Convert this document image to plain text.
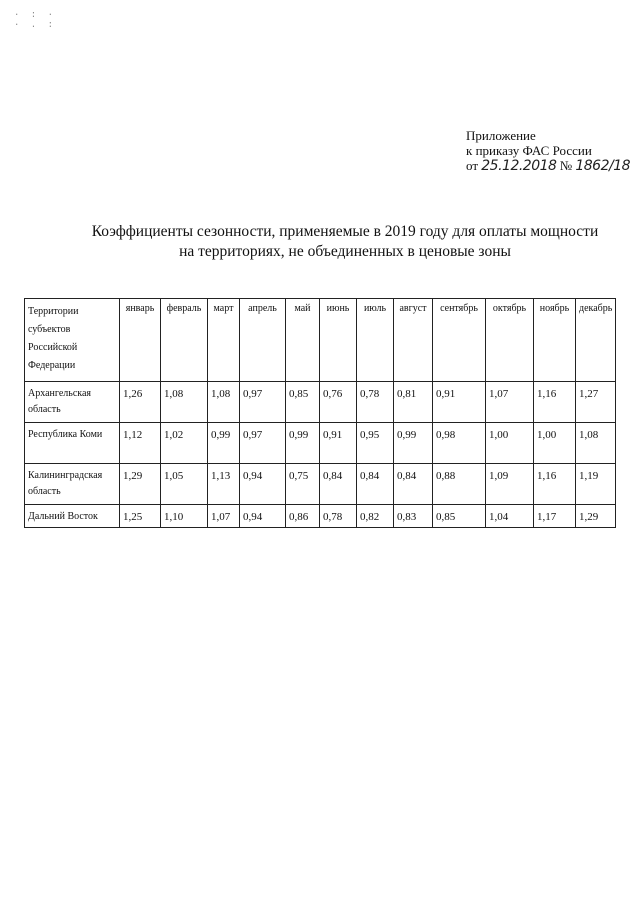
· : · · . :
Приложение
к приказу ФАС России
от 25.12.2018 № 1862/18
Коэффициенты сезонности, применяемые в 2019 году для оплаты мощности
на территориях, не объединенных в ценовые зоны
Территории субъектов Российской Федерации	январь	февраль	март	апрель	май	июнь	июль	август	сентябрь	октябрь	ноябрь	декабрь
Архангельская область	1,26	1,08	1,08	0,97	0,85	0,76	0,78	0,81	0,91	1,07	1,16	1,27
Республика Коми	1,12	1,02	0,99	0,97	0,99	0,91	0,95	0,99	0,98	1,00	1,00	1,08
Калининградская область	1,29	1,05	1,13	0,94	0,75	0,84	0,84	0,84	0,88	1,09	1,16	1,19
Дальний Восток	1,25	1,10	1,07	0,94	0,86	0,78	0,82	0,83	0,85	1,04	1,17	1,29
